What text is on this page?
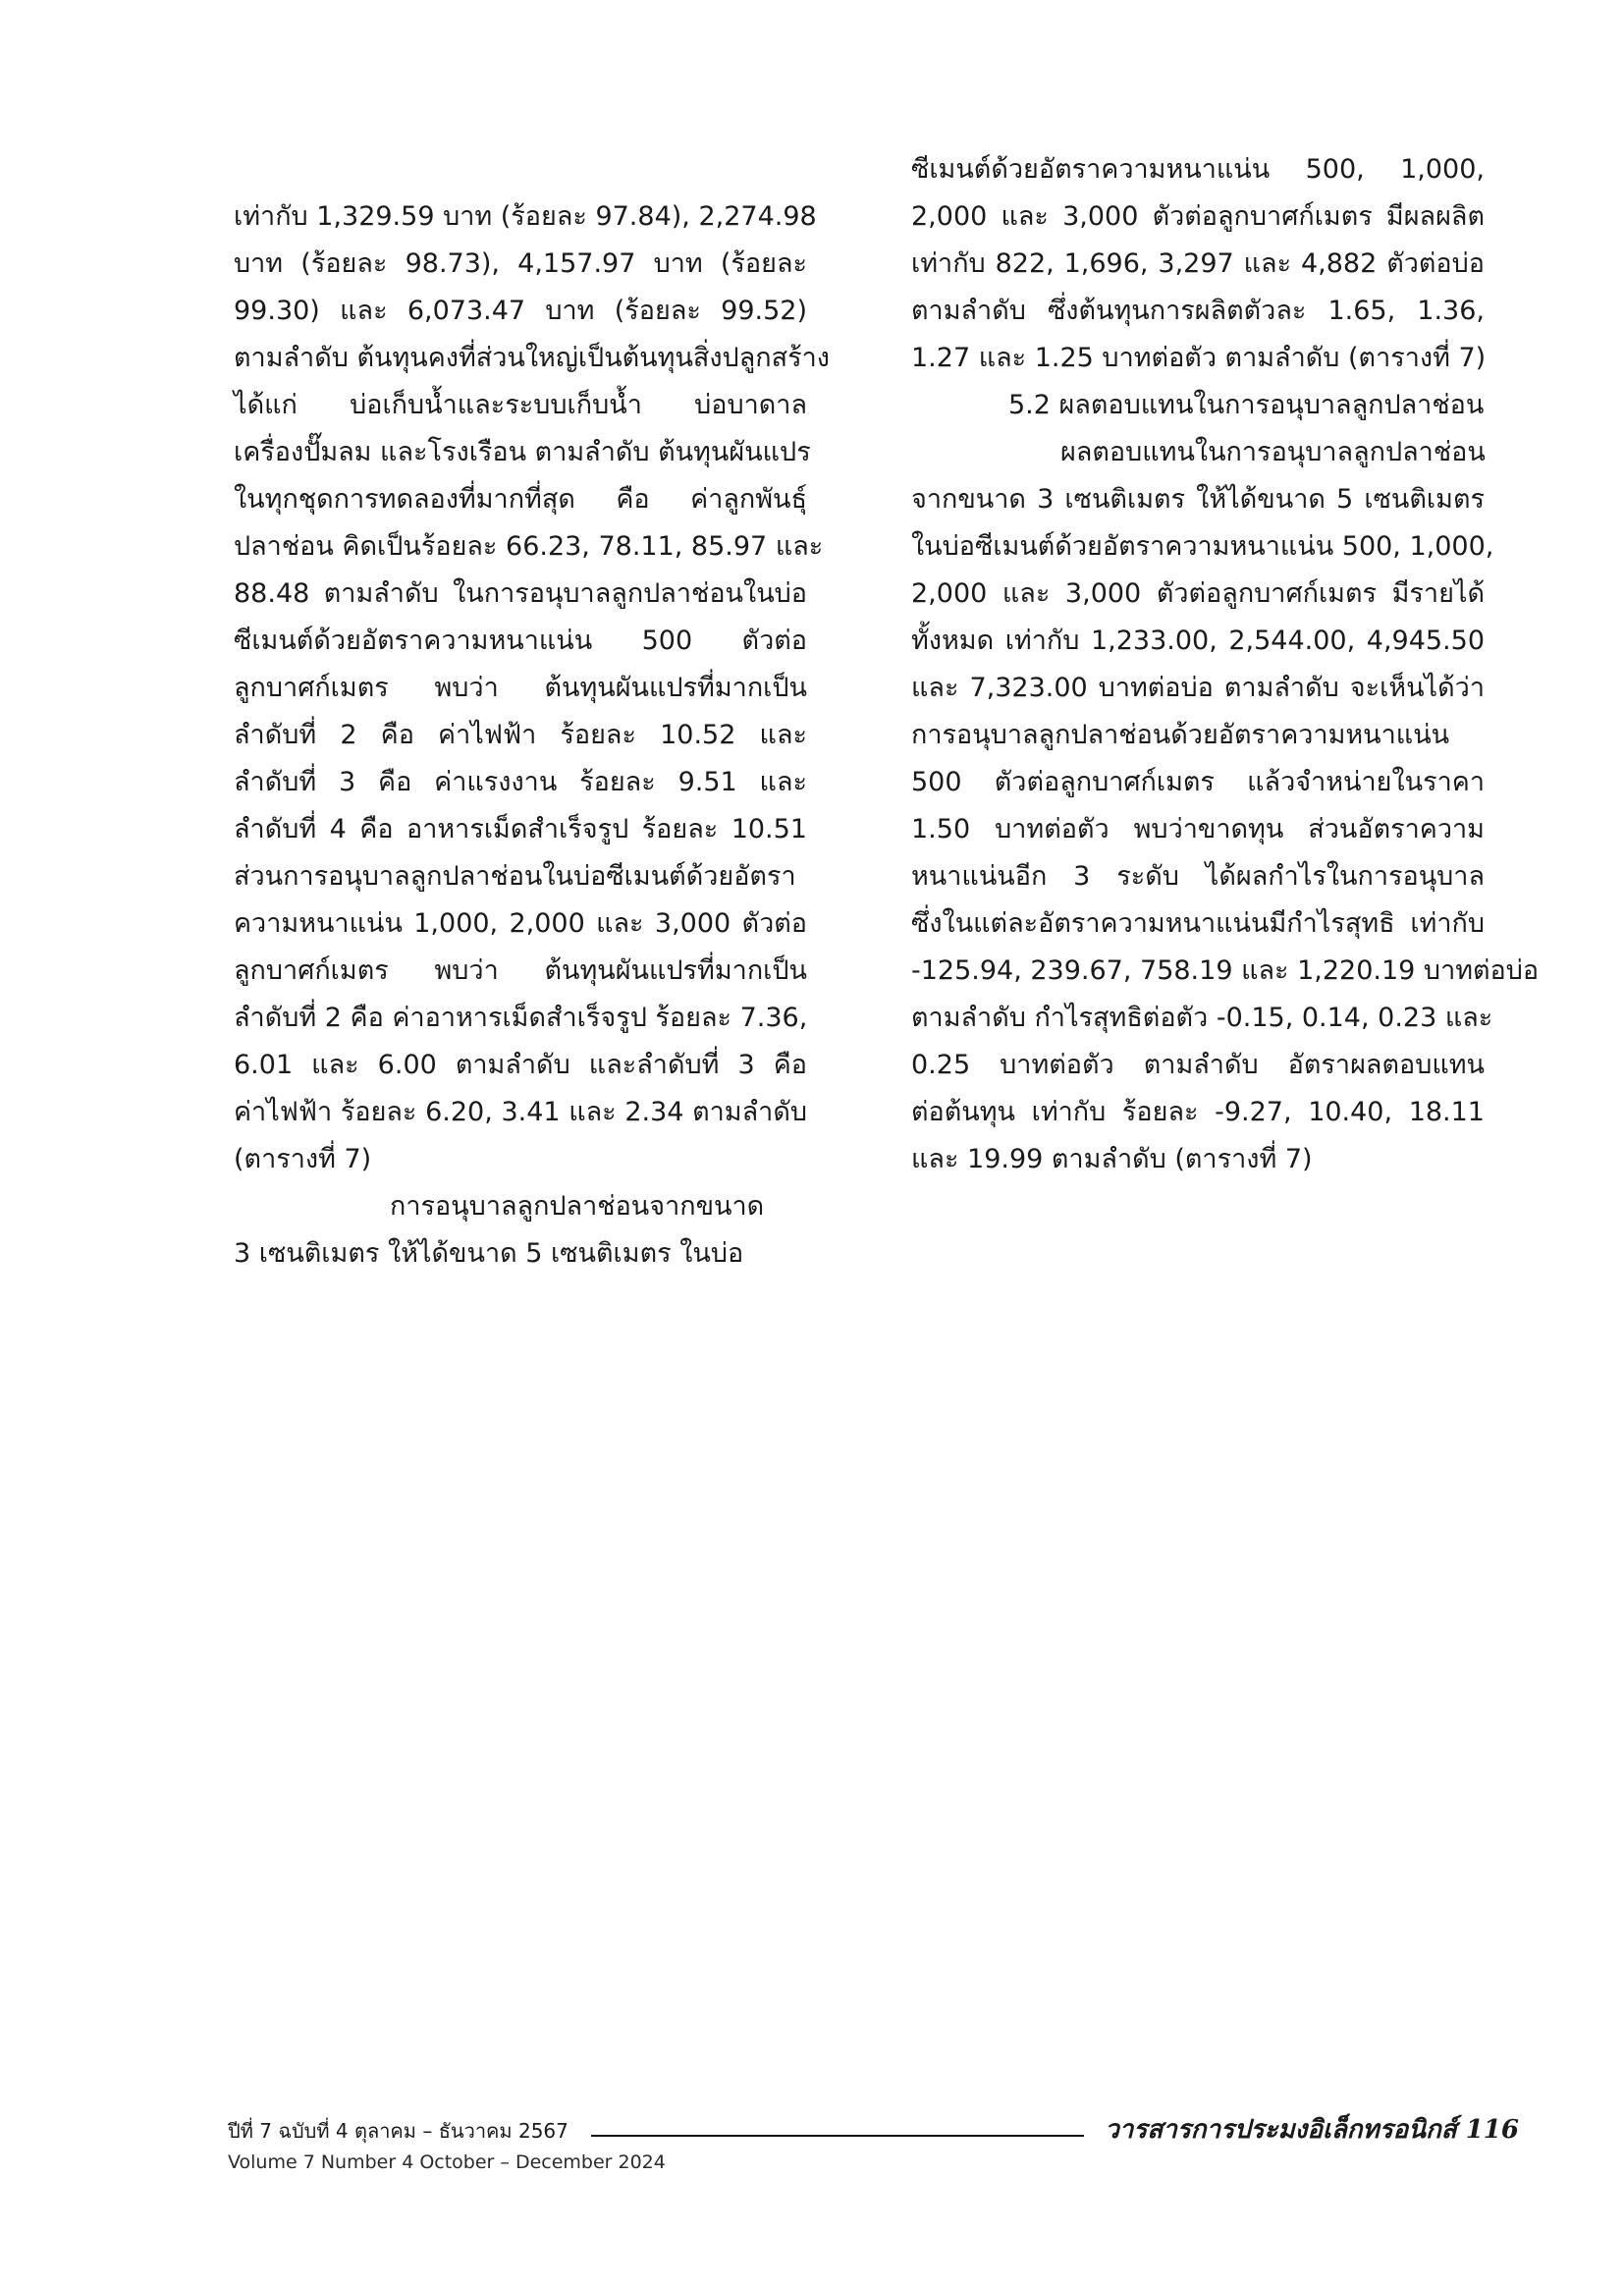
เท่ากับ 1,329.59 บาท (ร้อยละ 97.84), 2,274.98
บาท (ร้อยละ 98.73), 4,157.97 บาท (ร้อยละ
99.30) และ 6,073.47 บาท (ร้อยละ 99.52)
ตามลำดับ ต้นทุนคงที่ส่วนใหญ่เป็นต้นทุนสิ่งปลูกสร้าง
ได้แก่ บ่อเก็บน้ำและระบบเก็บน้ำ บ่อบาดาล
เครื่องปั๊มลม และโรงเรือน ตามลำดับ ต้นทุนผันแปร
ในทุกชุดการทดลองที่มากที่สุด คือ ค่าลูกพันธุ์
ปลาช่อน คิดเป็นร้อยละ 66.23, 78.11, 85.97 และ
88.48 ตามลำดับ ในการอนุบาลลูกปลาช่อนในบ่อ
ซีเมนต์ด้วยอัตราความหนาแน่น 500 ตัวต่อ
ลูกบาศก์เมตร พบว่า ต้นทุนผันแปรที่มากเป็น
ลำดับที่ 2 คือ ค่าไฟฟ้า ร้อยละ 10.52 และ
ลำดับที่ 3 คือ ค่าแรงงาน ร้อยละ 9.51 และ
ลำดับที่ 4 คือ อาหารเม็ดสำเร็จรูป ร้อยละ 10.51
ส่วนการอนุบาลลูกปลาช่อนในบ่อซีเมนต์ด้วยอัตรา
ความหนาแน่น 1,000, 2,000 และ 3,000 ตัวต่อ
ลูกบาศก์เมตร พบว่า ต้นทุนผันแปรที่มากเป็น
ลำดับที่ 2 คือ ค่าอาหารเม็ดสำเร็จรูป ร้อยละ 7.36,
6.01 และ 6.00 ตามลำดับ และลำดับที่ 3 คือ
ค่าไฟฟ้า ร้อยละ 6.20, 3.41 และ 2.34 ตามลำดับ
(ตารางที่ 7)
การอนุบาลลูกปลาช่อนจากขนาด
3 เซนติเมตร ให้ได้ขนาด 5 เซนติเมตร ในบ่อ
ซีเมนต์ด้วยอัตราความหนาแน่น 500, 1,000,
2,000 และ 3,000 ตัวต่อลูกบาศก์เมตร มีผลผลิต
เท่ากับ 822, 1,696, 3,297 และ 4,882 ตัวต่อบ่อ
ตามลำดับ ซึ่งต้นทุนการผลิตตัวละ 1.65, 1.36,
1.27 และ 1.25 บาทต่อตัว ตามลำดับ (ตารางที่ 7)
5.2 ผลตอบแทนในการอนุบาลลูกปลาช่อน
ผลตอบแทนในการอนุบาลลูกปลาช่อน
จากขนาด 3 เซนติเมตร ให้ได้ขนาด 5 เซนติเมตร
ในบ่อซีเมนต์ด้วยอัตราความหนาแน่น 500, 1,000,
2,000 และ 3,000 ตัวต่อลูกบาศก์เมตร มีรายได้
ทั้งหมด เท่ากับ 1,233.00, 2,544.00, 4,945.50
และ 7,323.00 บาทต่อบ่อ ตามลำดับ จะเห็นได้ว่า
การอนุบาลลูกปลาช่อนด้วยอัตราความหนาแน่น
500 ตัวต่อลูกบาศก์เมตร แล้วจำหน่ายในราคา
1.50 บาทต่อตัว พบว่าขาดทุน ส่วนอัตราความ
หนาแน่นอีก 3 ระดับ ได้ผลกำไรในการอนุบาล
ซึ่งในแต่ละอัตราความหนาแน่นมีกำไรสุทธิ เท่ากับ
-125.94, 239.67, 758.19 และ 1,220.19 บาทต่อบ่อ
ตามลำดับ กำไรสุทธิต่อตัว -0.15, 0.14, 0.23 และ
0.25 บาทต่อตัว ตามลำดับ อัตราผลตอบแทน
ต่อต้นทุน เท่ากับ ร้อยละ -9.27, 10.40, 18.11
และ 19.99 ตามลำดับ (ตารางที่ 7)
ปีที่ 7 ฉบับที่ 4 ตุลาคม – ธันวาคม 2567
Volume 7 Number 4 October – December 2024
วารสารการประมงอิเล็กทรอนิกส์ 116
